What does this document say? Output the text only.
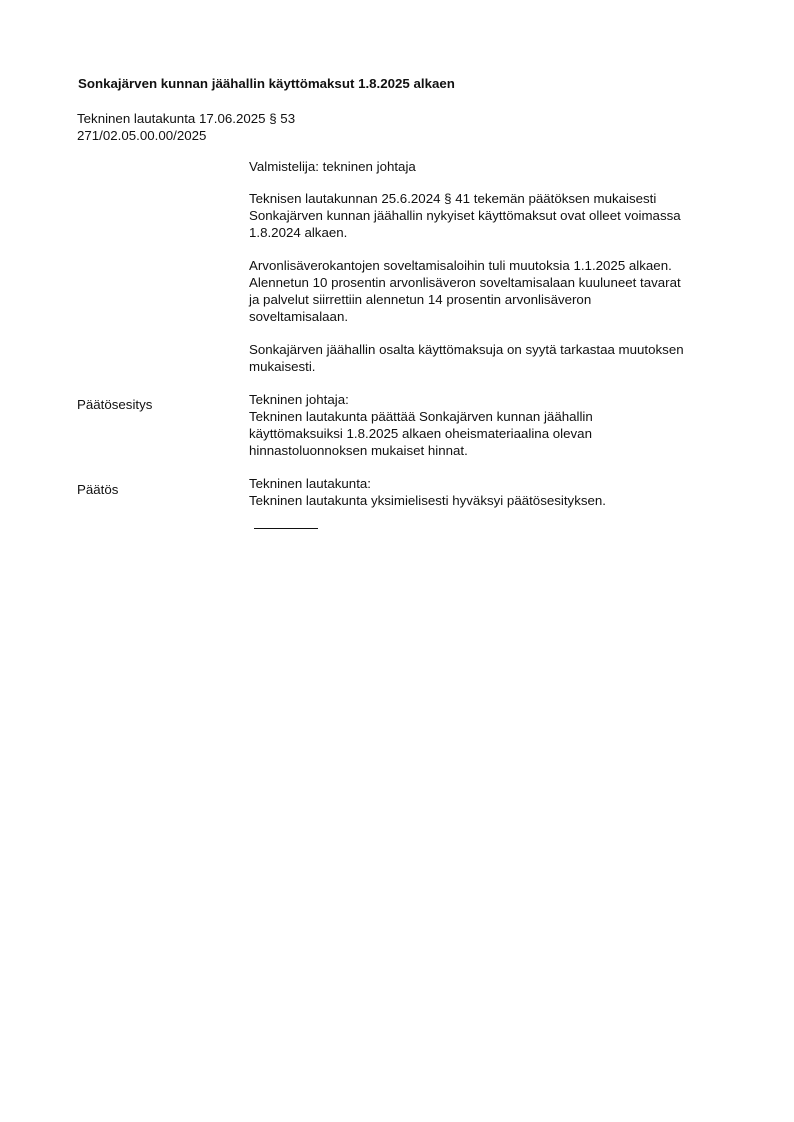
Sonkajärven kunnan jäähallin käyttömaksut 1.8.2025 alkaen
Tekninen lautakunta 17.06.2025 § 53
271/02.05.00.00/2025

Valmistelija: tekninen johtaja

Teknisen lautakunnan 25.6.2024 § 41 tekemän päätöksen mukaisesti
Sonkajärven kunnan jäähallin nykyiset käyttömaksut ovat olleet voimassa
1.8.2024 alkaen.

Arvonlisäverokantojen soveltamisaloihin tuli muutoksia 1.1.2025 alkaen.
Alennetun 10 prosentin arvonlisäveron soveltamisalaan kuuluneet tavarat
ja palvelut siirrettiin alennetun 14 prosentin arvonlisäveron
soveltamisalaan.

Sonkajärven jäähallin osalta käyttömaksuja on syytä tarkastaa muutoksen
mukaisesti.

Tekninen johtaja:
Tekninen lautakunta päättää Sonkajärven kunnan jäähallin
käyttömaksuiksi 1.8.2025 alkaen oheismateriaalina olevan
hinnastoluonnoksen mukaiset hinnat.

Tekninen lautakunta:
Tekninen lautakunta yksimielisesti hyväksyi päätösesityksen.

Päätösesitys
Päätös
